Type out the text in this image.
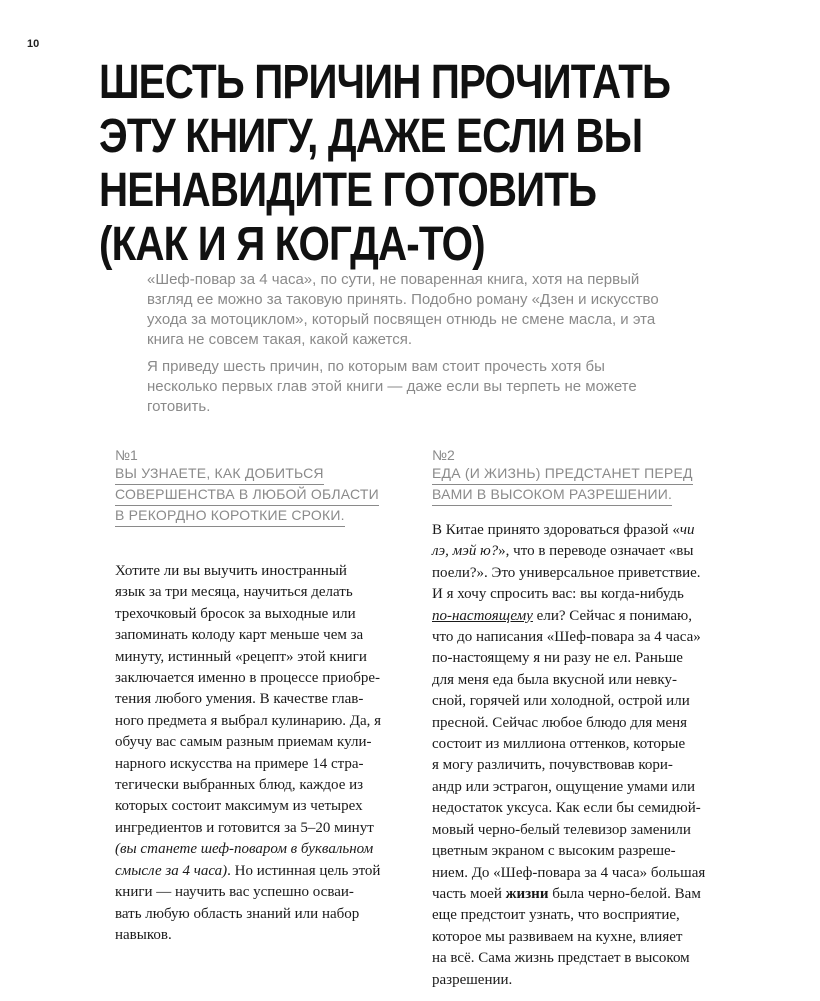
10
ШЕСТЬ ПРИЧИН ПРОЧИТАТЬ
ЭТУ КНИГУ, ДАЖЕ ЕСЛИ ВЫ
НЕНАВИДИТЕ ГОТОВИТЬ
(КАК И Я КОГДА-ТО)

«Шеф-повар за 4 часа», по сути, не поваренная книга, хотя на первый
взгляд ее можно за таковую принять. Подобно роману «Дзен и искусство
ухода за мотоциклом», который посвящен отнюдь не смене масла, и эта
книга не совсем такая, какой кажется.

Я приведу шесть причин, по которым вам стоит прочесть хотя бы
несколько первых глав этой книги — даже если вы терпеть не можете
готовить.

№1
ВЫ УЗНАЕТЕ, КАК ДОБИТЬСЯ
СОВЕРШЕНСТВА В ЛЮБОЙ ОБЛАСТИ
В РЕКОРДНО КОРОТКИЕ СРОКИ.

Хотите ли вы выучить иностранный
язык за три месяца, научиться делать
трехочковый бросок за выходные или
запоминать колоду карт меньше чем за
минуту, истинный «рецепт» этой книги
заключается именно в процессе приобре-
тения любого умения. В качестве глав-
ного предмета я выбрал кулинарию. Да, я
обучу вас самым разным приемам кули-
нарного искусства на примере 14 стра-
тегически выбранных блюд, каждое из
которых состоит максимум из четырех
ингредиентов и готовится за 5–20 минут
(вы станете шеф-поваром в буквальном
смысле за 4 часа). Но истинная цель этой
книги — научить вас успешно осваи-
вать любую область знаний или набор
навыков.

№2
ЕДА (И ЖИЗНЬ) ПРЕДСТАНЕТ ПЕРЕД
ВАМИ В ВЫСОКОМ РАЗРЕШЕНИИ.

В Китае принято здороваться фразой «чи
лэ, мэй ю?», что в переводе означает «вы
поели?». Это универсальное приветствие.
И я хочу спросить вас: вы когда-нибудь
по-настоящему ели? Сейчас я понимаю,
что до написания «Шеф-повара за 4 часа»
по-настоящему я ни разу не ел. Раньше
для меня еда была вкусной или невку-
сной, горячей или холодной, острой или
пресной. Сейчас любое блюдо для меня
состоит из миллиона оттенков, которые
я могу различить, почувствовав кори-
андр или эстрагон, ощущение умами или
недостаток уксуса. Как если бы семидюй-
мовый черно-белый телевизор заменили
цветным экраном с высоким разреше-
нием. До «Шеф-повара за 4 часа» большая
часть моей жизни была черно-белой. Вам
еще предстоит узнать, что восприятие,
которое мы развиваем на кухне, влияет
на всё. Сама жизнь предстает в высоком
разрешении.
